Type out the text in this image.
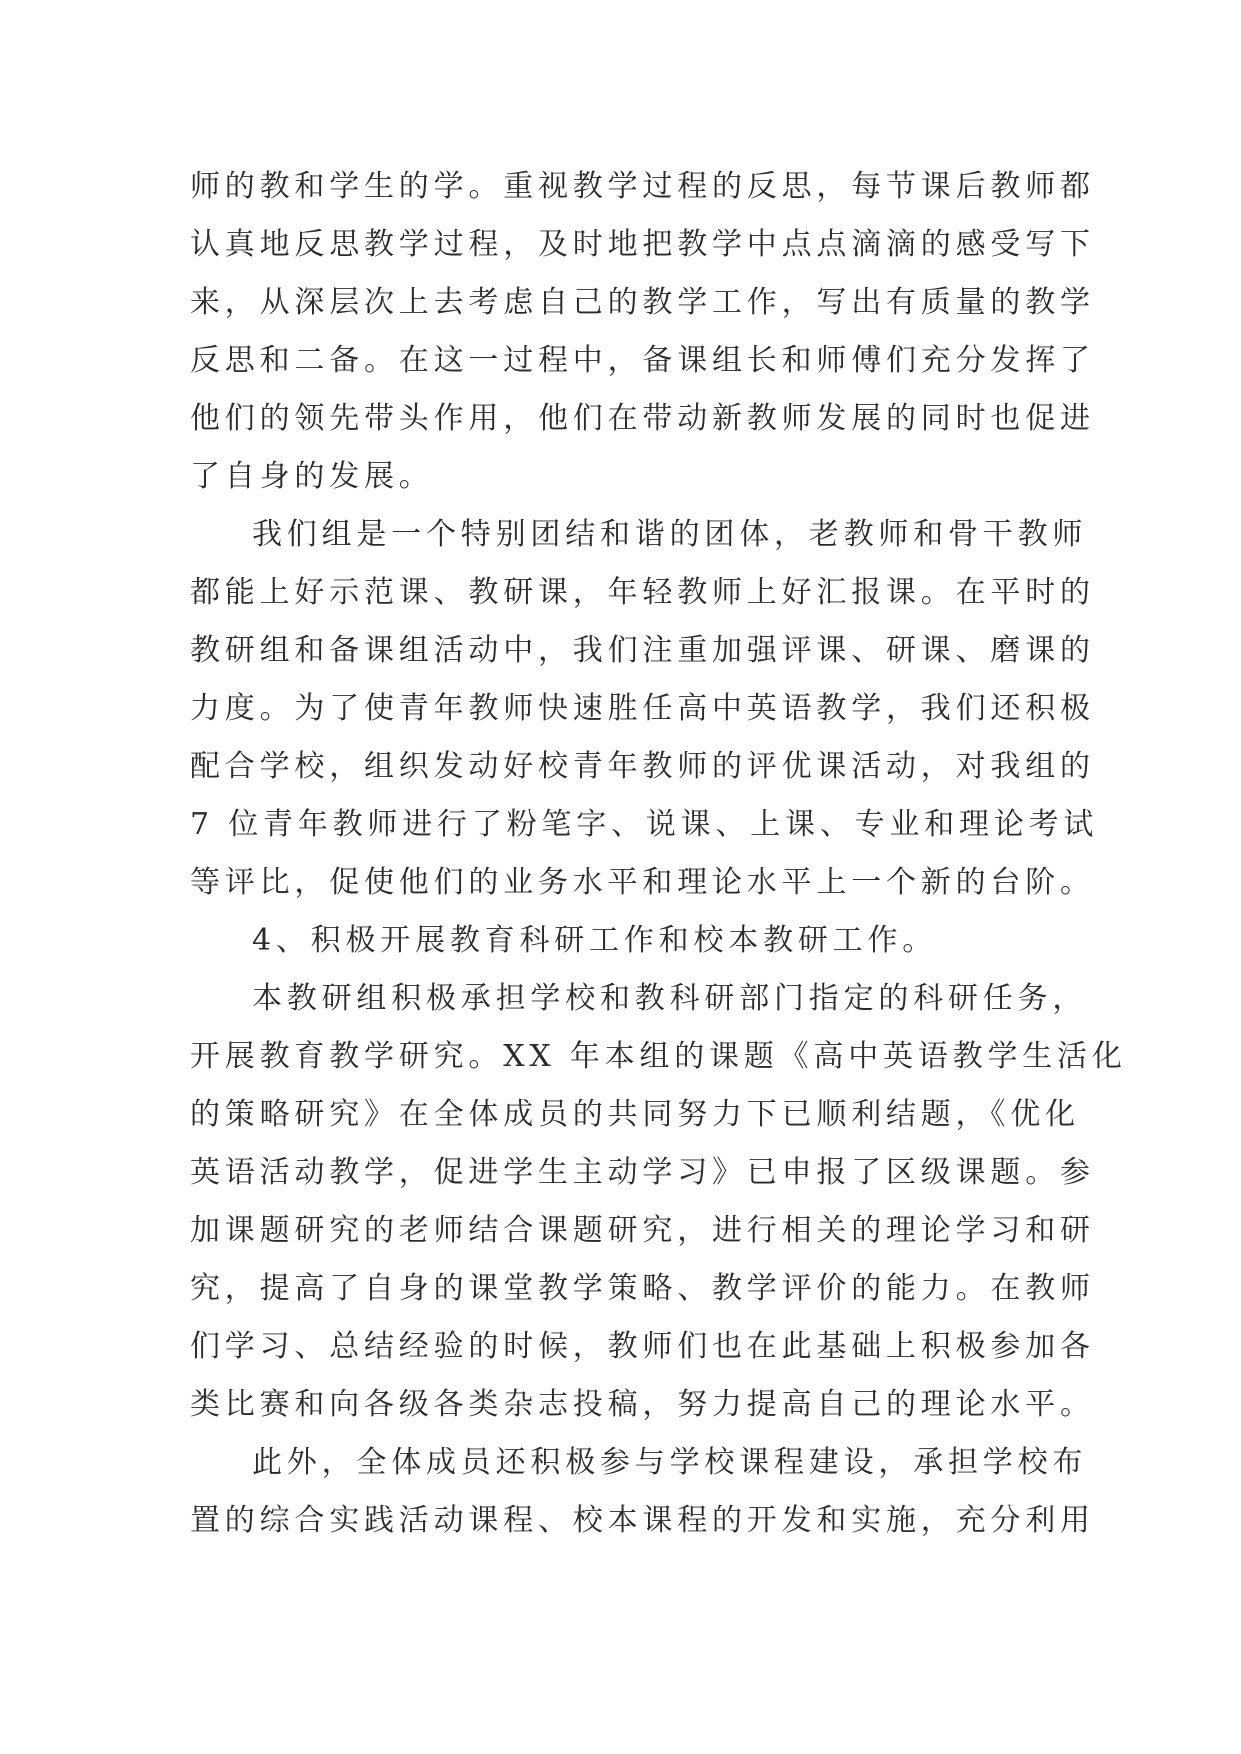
师的教和学生的学。重视教学过程的反思，每节课后教师都
认真地反思教学过程，及时地把教学中点点滴滴的感受写下
来，从深层次上去考虑自己的教学工作，写出有质量的教学
反思和二备。在这一过程中，备课组长和师傅们充分发挥了
他们的领先带头作用，他们在带动新教师发展的同时也促进
了自身的发展。
我们组是一个特别团结和谐的团体，老教师和骨干教师
都能上好示范课、教研课，年轻教师上好汇报课。在平时的
教研组和备课组活动中，我们注重加强评课、研课、磨课的
力度。为了使青年教师快速胜任高中英语教学，我们还积极
配合学校，组织发动好校青年教师的评优课活动，对我组的
7 位青年教师进行了粉笔字、说课、上课、专业和理论考试
等评比，促使他们的业务水平和理论水平上一个新的台阶。
4、积极开展教育科研工作和校本教研工作。
本教研组积极承担学校和教科研部门指定的科研任务，
开展教育教学研究。XX 年本组的课题《高中英语教学生活化
的策略研究》在全体成员的共同努力下已顺利结题，《优化
英语活动教学，促进学生主动学习》已申报了区级课题。参
加课题研究的老师结合课题研究，进行相关的理论学习和研
究，提高了自身的课堂教学策略、教学评价的能力。在教师
们学习、总结经验的时候，教师们也在此基础上积极参加各
类比赛和向各级各类杂志投稿，努力提高自己的理论水平。
此外，全体成员还积极参与学校课程建设，承担学校布
置的综合实践活动课程、校本课程的开发和实施，充分利用
